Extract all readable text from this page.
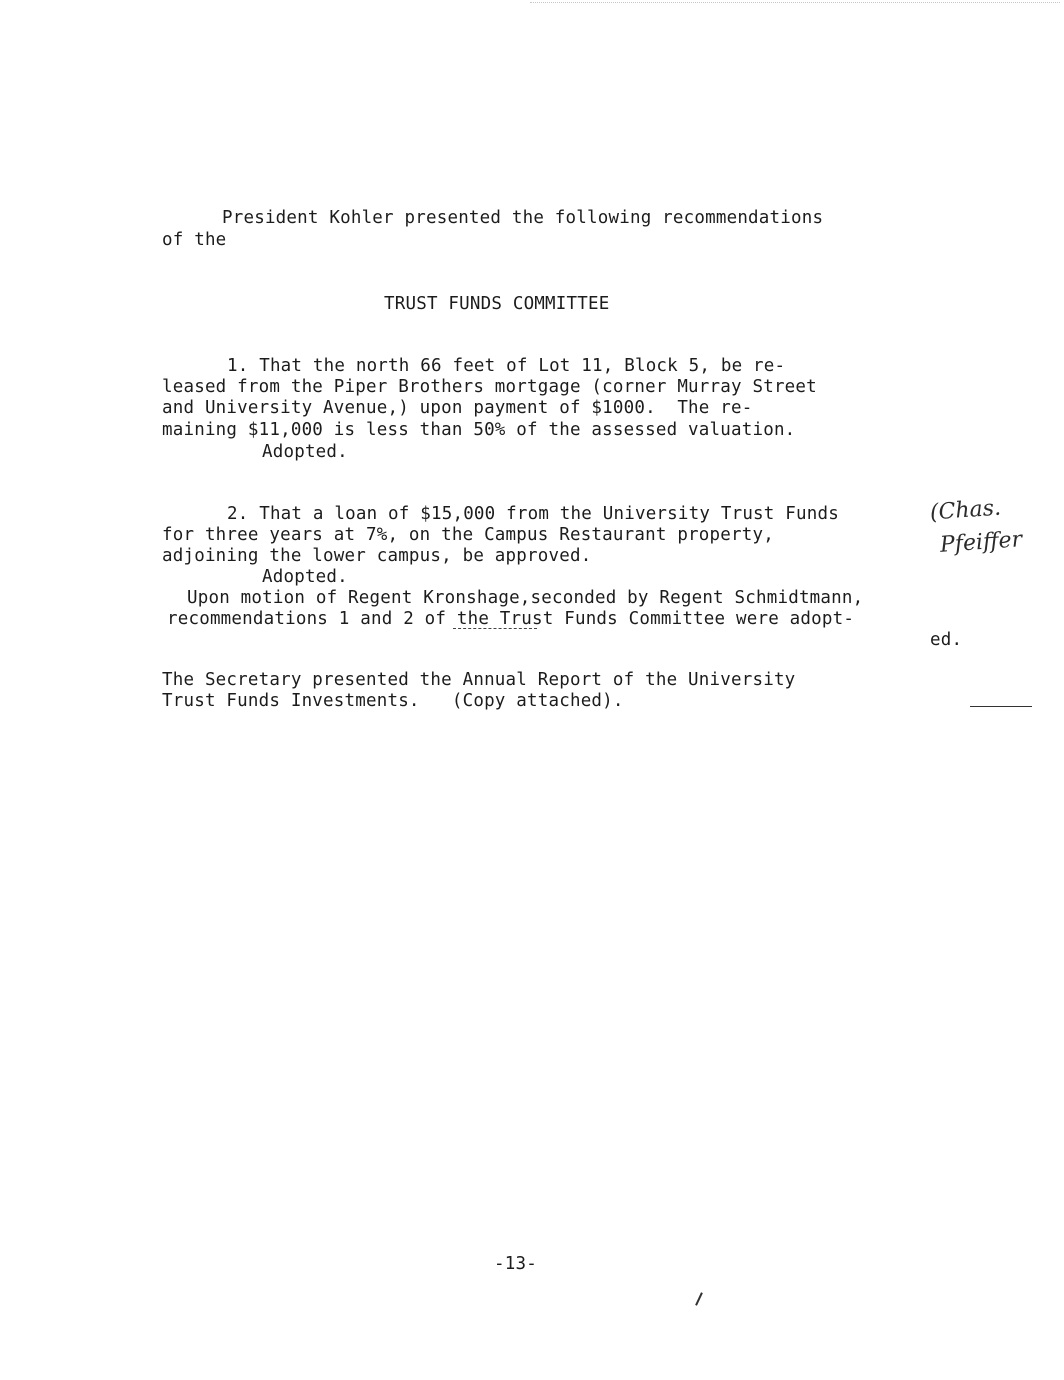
President Kohler presented the following recommendations
of the
TRUST FUNDS COMMITTEE
1. That the north 66 feet of Lot 11, Block 5, be re-
leased from the Piper Brothers mortgage (corner Murray Street
and University Avenue,) upon payment of $1000.  The re-
maining $11,000 is less than 50% of the assessed valuation.
Adopted.
2. That a loan of $15,000 from the University Trust Funds
for three years at 7%, on the Campus Restaurant property,
adjoining the lower campus, be approved.
Adopted.
(Chas.
Pfeiffer
Upon motion of Regent Kronshage,seconded by Regent Schmidtmann,
recommendations 1 and 2 of the Trust Funds Committee were adopt-
ed.
The Secretary presented the Annual Report of the University
Trust Funds Investments.   (Copy attached).
-13-
